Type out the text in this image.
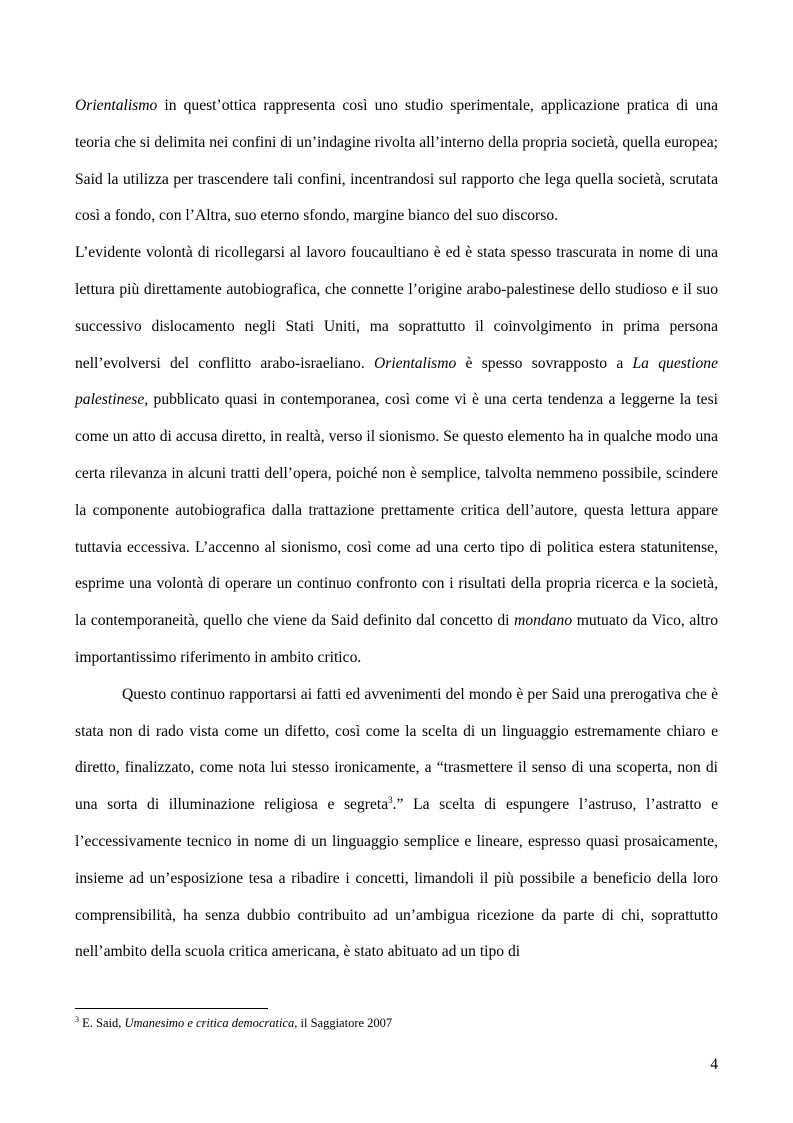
Orientalismo in quest’ottica rappresenta così uno studio sperimentale, applicazione pratica di una teoria che si delimita nei confini di un’indagine rivolta all’interno della propria società, quella europea; Said la utilizza per trascendere tali confini, incentrandosi sul rapporto che lega quella società, scrutata così a fondo, con l’Altra, suo eterno sfondo, margine bianco del suo discorso.

L’evidente volontà di ricollegarsi al lavoro foucaultiano è ed è stata spesso trascurata in nome di una lettura più direttamente autobiografica, che connette l’origine arabo-palestinese dello studioso e il suo successivo dislocamento negli Stati Uniti, ma soprattutto il coinvolgimento in prima persona nell’evolversi del conflitto arabo-israeliano. Orientalismo è spesso sovrapposto a La questione palestinese, pubblicato quasi in contemporanea, così come vi è una certa tendenza a leggerne la tesi come un atto di accusa diretto, in realtà, verso il sionismo. Se questo elemento ha in qualche modo una certa rilevanza in alcuni tratti dell’opera, poiché non è semplice, talvolta nemmeno possibile, scindere la componente autobiografica dalla trattazione prettamente critica dell’autore, questa lettura appare tuttavia eccessiva. L’accenno al sionismo, così come ad una certo tipo di politica estera statunitense, esprime una volontà di operare un continuo confronto con i risultati della propria ricerca e la società, la contemporaneità, quello che viene da Said definito dal concetto di mondano mutuato da Vico, altro importantissimo riferimento in ambito critico.

Questo continuo rapportarsi ai fatti ed avvenimenti del mondo è per Said una prerogativa che è stata non di rado vista come un difetto, così come la scelta di un linguaggio estremamente chiaro e diretto, finalizzato, come nota lui stesso ironicamente, a “trasmettere il senso di una scoperta, non di una sorta di illuminazione religiosa e segreta$^3$.” La scelta di espungere l’astruso, l’astratto e l’eccessivamente tecnico in nome di un linguaggio semplice e lineare, espresso quasi prosaicamente, insieme ad un’esposizione tesa a ribadire i concetti, limandoli il più possibile a beneficio della loro comprensibilità, ha senza dubbio contribuito ad un’ambigua ricezione da parte di chi, soprattutto nell’ambito della scuola critica americana, è stato abituato ad un tipo di

$^3$ E. Said, Umanesimo e critica democratica, il Saggiatore 2007
4
